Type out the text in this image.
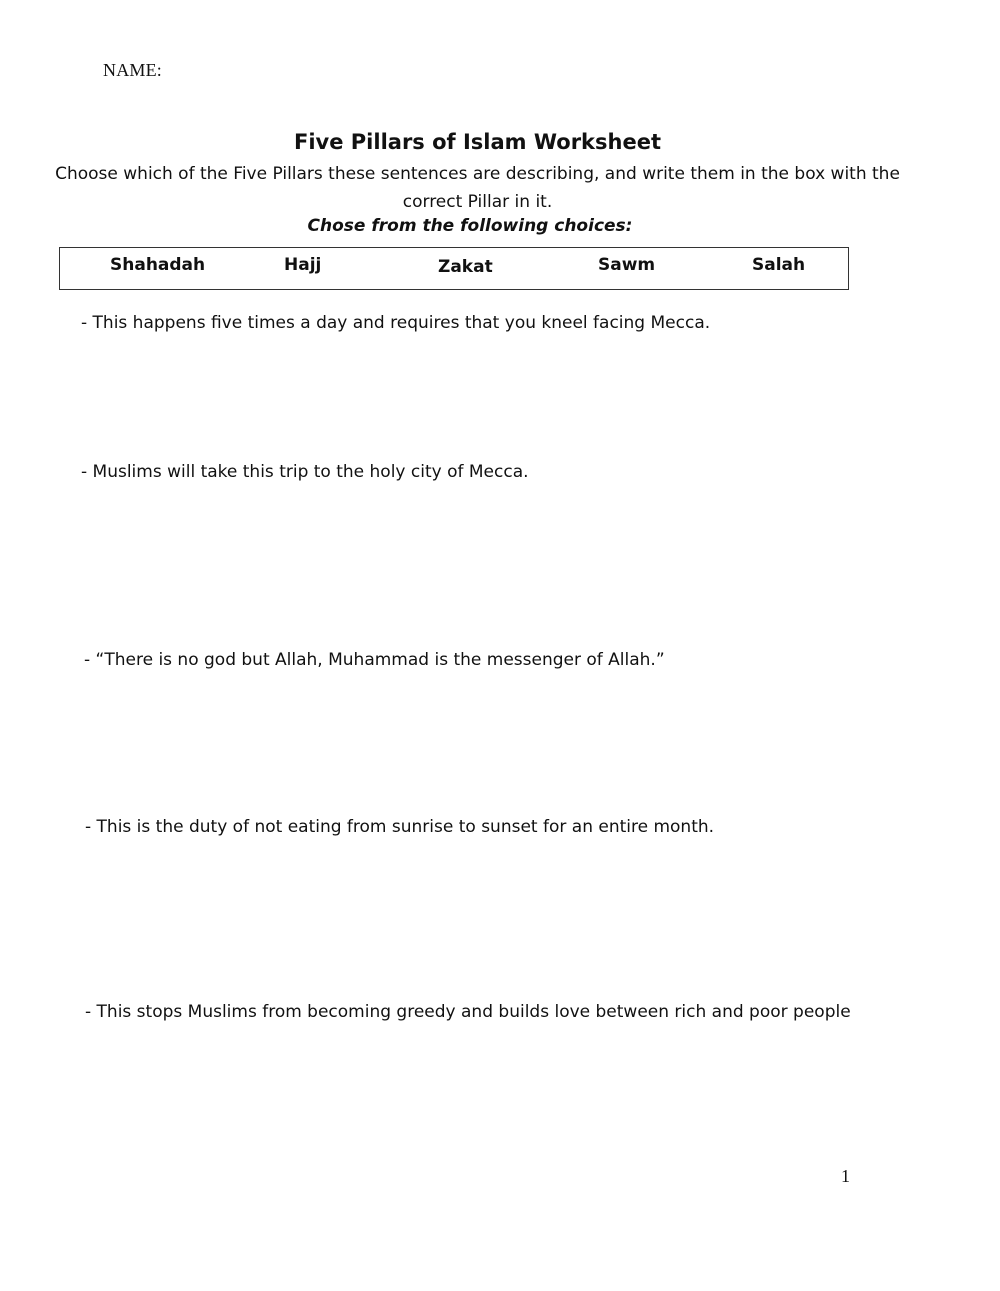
NAME:
Five Pillars of Islam Worksheet
Choose which of the Five Pillars these sentences are describing, and write them in the box with the correct Pillar in it.
Chose from the following choices:
Shahadah	Hajj	Zakat	Sawm	Salah
- This happens five times a day and requires that you kneel facing Mecca.
- Muslims will take this trip to the holy city of Mecca.
- “There is no god but Allah, Muhammad is the messenger of Allah.”
- This is the duty of not eating from sunrise to sunset for an entire month.
- This stops Muslims from becoming greedy and builds love between rich and poor people
1
